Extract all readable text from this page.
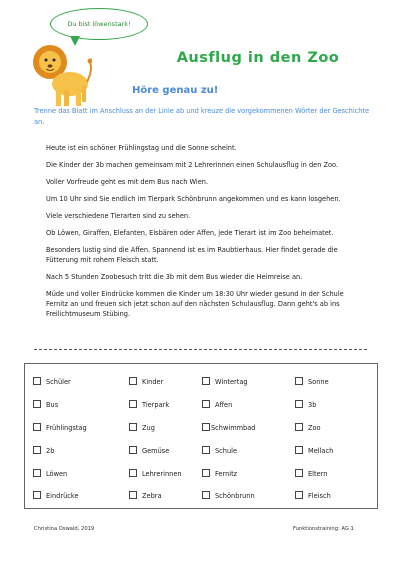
Du bist löwenstark!
Ausflug in den Zoo
Höre genau zu!
Trenne das Blatt im Anschluss an der Linie ab und kreuze die vorgekommenen Wörter der Geschichte an.

Heute ist ein schöner Frühlingstag und die Sonne scheint.

Die Kinder der 3b machen gemeinsam mit 2 Lehrerinnen einen Schulausflug in den Zoo.

Voller Vorfreude geht es mit dem Bus nach Wien.

Um 10 Uhr sind Sie endlich im Tierpark Schönbrunn angekommen und es kann losgehen.

Viele verschiedene Tierarten sind zu sehen.

Ob Löwen, Giraffen, Elefanten, Eisbären oder Affen, jede Tierart ist im Zoo beheimatet.

Besonders lustig sind die Affen. Spannend ist es im Raubtierhaus. Hier findet gerade die Fütterung mit rohem Fleisch statt.

Nach 5 Stunden Zoobesuch tritt die 3b mit dem Bus wieder die Heimreise an.

Müde und voller Eindrücke kommen die Kinder um 18:30 Uhr wieder gesund in der Schule Fernitz an und freuen sich jetzt schon auf den nächsten Schulausflug. Dann geht's ab ins Freilichtmuseum Stübing.

Schüler	Kinder	Wintertag	Sonne
Bus	Tierpark	Affen	3b
Frühlingstag	Zug	Schwimmbad	Zoo
2b	Gemüse	Schule	Mellach
Löwen	Lehrerinnen	Fernitz	Eltern
Eindrücke	Zebra	Schönbrunn	Fleisch
Christina Oswald, 2019	Funktionstraining: AG 1
